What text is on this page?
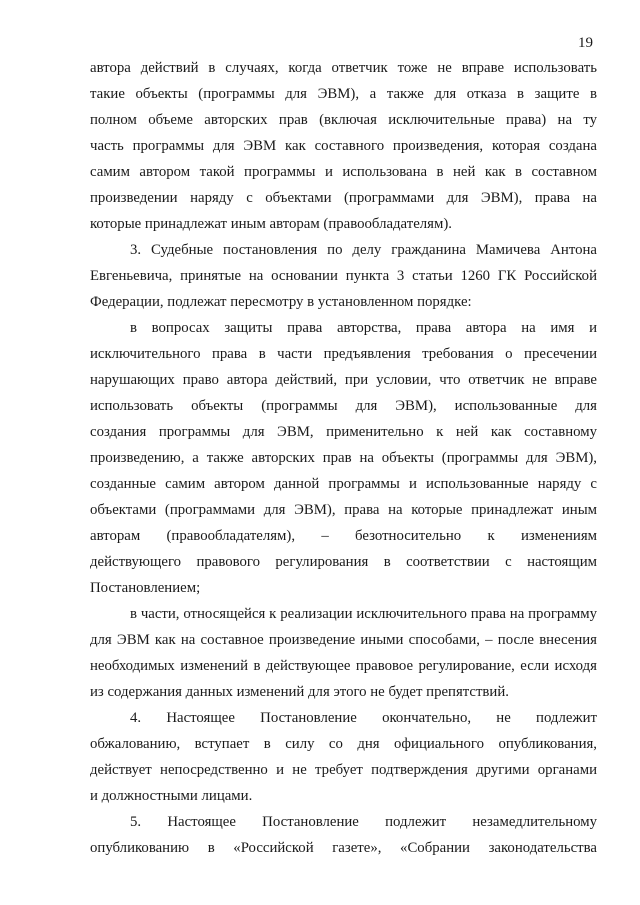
19
автора действий в случаях, когда ответчик тоже не вправе использовать
такие объекты (программы для ЭВМ), а также для отказа в защите в
полном объеме авторских прав (включая исключительные права) на ту
часть программы для ЭВМ как составного произведения, которая создана
самим автором такой программы и использована в ней как в составном
произведении наряду с объектами (программами для ЭВМ), права на
которые принадлежат иным авторам (правообладателям).
3. Судебные постановления по делу гражданина Мамичева Антона
Евгеньевича, принятые на основании пункта 3 статьи 1260 ГК Российской
Федерации, подлежат пересмотру в установленном порядке:
в вопросах защиты права авторства, права автора на имя и
исключительного права в части предъявления требования о пресечении
нарушающих право автора действий, при условии, что ответчик не вправе
использовать объекты (программы для ЭВМ), использованные для
создания программы для ЭВМ, применительно к ней как составному
произведению, а также авторских прав на объекты (программы для ЭВМ),
созданные самим автором данной программы и использованные наряду с
объектами (программами для ЭВМ), права на которые принадлежат иным
авторам (правообладателям), – безотносительно к изменениям
действующего правового регулирования в соответствии с настоящим
Постановлением;
в части, относящейся к реализации исключительного права на программу
для ЭВМ как на составное произведение иными способами, – после внесения
необходимых изменений в действующее правовое регулирование, если исходя
из содержания данных изменений для этого не будет препятствий.
4. Настоящее Постановление окончательно, не подлежит
обжалованию, вступает в силу со дня официального опубликования,
действует непосредственно и не требует подтверждения другими органами
и должностными лицами.
5. Настоящее Постановление подлежит незамедлительному
опубликованию в «Российской газете», «Собрании законодательства
